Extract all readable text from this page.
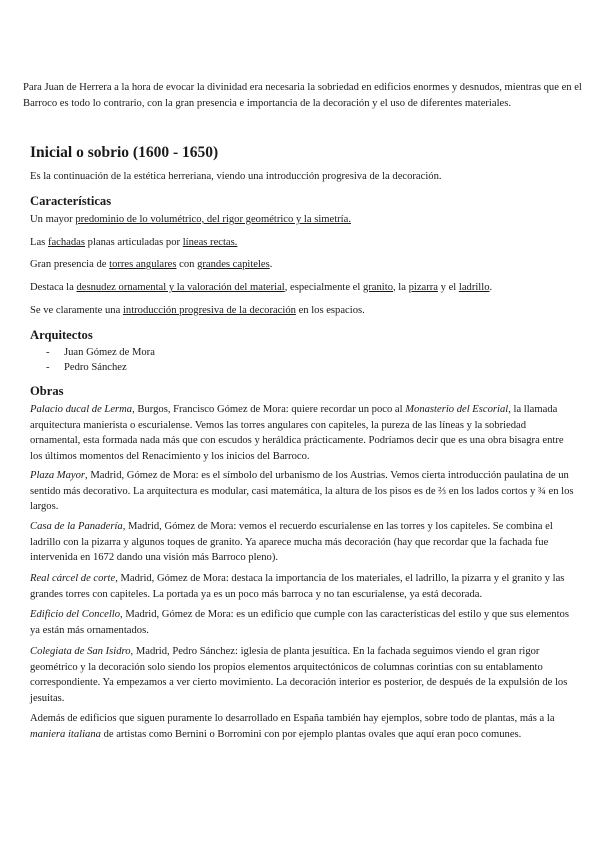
Para Juan de Herrera a la hora de evocar la divinidad era necesaria la sobriedad en edificios enormes y desnudos, mientras que en el Barroco es todo lo contrario, con la gran presencia e importancia de la decoración y el uso de diferentes materiales.

Inicial o sobrio (1600 - 1650)

Es la continuación de la estética herreriana, viendo una introducción progresiva de la decoración.

Características

Un mayor predominio de lo volumétrico, del rigor geométrico y la simetría.

Las fachadas planas articuladas por líneas rectas.

Gran presencia de torres angulares con grandes capiteles.

Destaca la desnudez ornamental y la valoración del material, especialmente el granito, la pizarra y el ladrillo.

Se ve claramente una introducción progresiva de la decoración en los espacios.

Arquitectos
- Juan Gómez de Mora
- Pedro Sánchez
Obras

Palacio ducal de Lerma, Burgos, Francisco Gómez de Mora: quiere recordar un poco al Monasterio del Escorial, la llamada arquitectura manierista o escurialense. Vemos las torres angulares con capiteles, la pureza de las líneas y la sobriedad ornamental, esta formada nada más que con escudos y heráldica prácticamente. Podríamos decir que es una obra bisagra entre los últimos momentos del Renacimiento y los inicios del Barroco.

Plaza Mayor, Madrid, Gómez de Mora: es el símbolo del urbanismo de los Austrias. Vemos cierta introducción paulatina de un sentido más decorativo. La arquitectura es modular, casi matemática, la altura de los pisos es de ⅔ en los lados cortos y ¾ en los largos.

Casa de la Panadería, Madrid, Gómez de Mora: vemos el recuerdo escurialense en las torres y los capiteles. Se combina el ladrillo con la pizarra y algunos toques de granito. Ya aparece mucha más decoración (hay que recordar que la fachada fue intervenida en 1672 dando una visión más Barroco pleno).

Real cárcel de corte, Madrid, Gómez de Mora: destaca la importancia de los materiales, el ladrillo, la pizarra y el granito y las grandes torres con capiteles. La portada ya es un poco más barroca y no tan escurialense, ya está decorada.

Edificio del Concello, Madrid, Gómez de Mora: es un edificio que cumple con las características del estilo y que sus elementos ya están más ornamentados.

Colegiata de San Isidro, Madrid, Pedro Sánchez: iglesia de planta jesuítica. En la fachada seguimos viendo el gran rigor geométrico y la decoración solo siendo los propios elementos arquitectónicos de columnas corintias con su entablamento correspondiente. Ya empezamos a ver cierto movimiento. La decoración interior es posterior, de después de la expulsión de los jesuitas.

Además de edificios que siguen puramente lo desarrollado en España también hay ejemplos, sobre todo de plantas, más a la maniera italiana de artistas como Bernini o Borromini con por ejemplo plantas ovales que aquí eran poco comunes.
